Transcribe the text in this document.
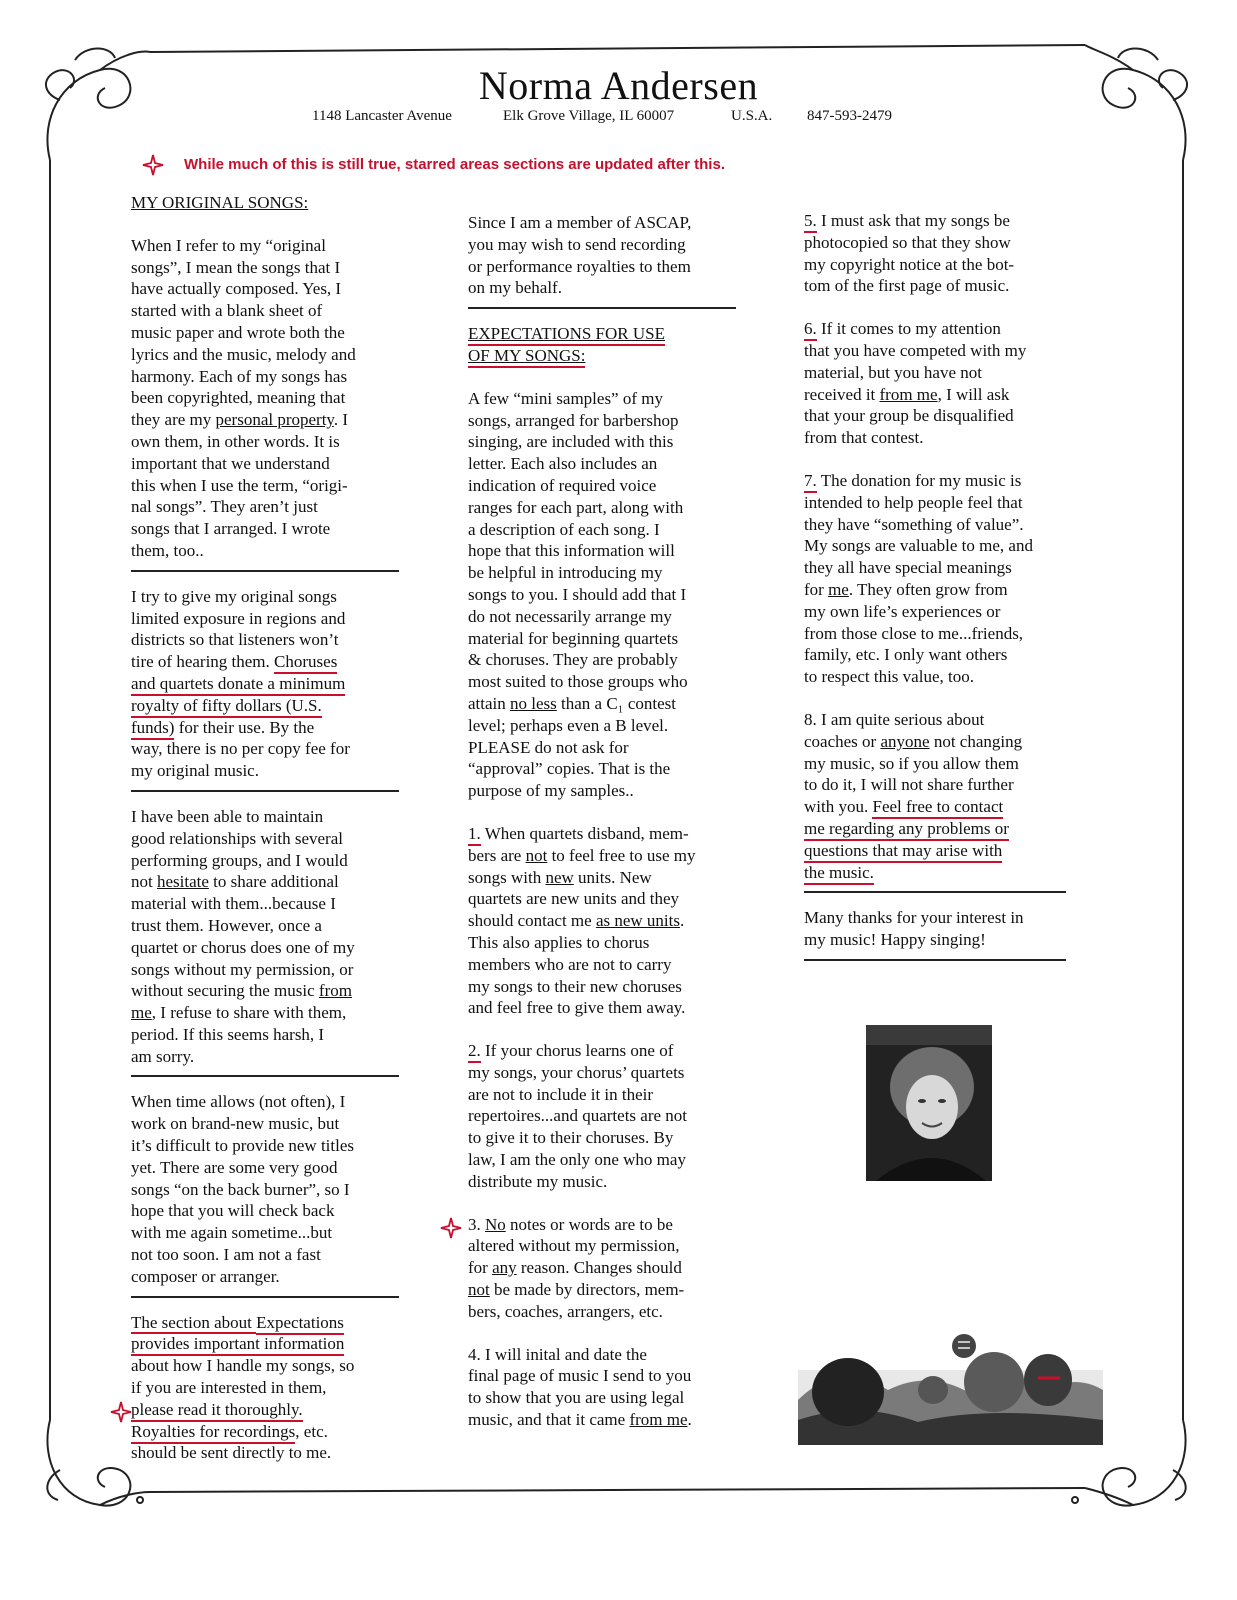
Norma Andersen
1148 Lancaster Avenue	Elk Grove Village, IL 60007	U.S.A. 847-593-2479
While much of this is still true, starred areas sections are updated after this.

MY ORIGINAL SONGS:

When I refer to my “original

songs”, I mean the songs that I

have actually composed. Yes, I

started with a blank sheet of

music paper and wrote both the

lyrics and the music, melody and

harmony. Each of my songs has

been copyrighted, meaning that

they are my personal property. I

own them, in other words. It is

important that we understand

this when I use the term, “origi-

nal songs”. They aren’t just

songs that I arranged. I wrote

them, too..

I try to give my original songs

limited exposure in regions and

districts so that listeners won’t

tire of hearing them. Choruses

and quartets donate a minimum

royalty of fifty dollars (U.S.

funds) for their use. By the

way, there is no per copy fee for

my original music.

I have been able to maintain

good relationships with several

performing groups, and I would

not hesitate to share additional

material with them...because I

trust them. However, once a

quartet or chorus does one of my

songs without my permission, or

without securing the music from

me, I refuse to share with them,

period. If this seems harsh, I

am sorry.

When time allows (not often), I

work on brand-new music, but

it’s difficult to provide new titles

yet. There are some very good

songs “on the back burner”, so I

hope that you will check back

with me again sometime...but

not too soon. I am not a fast

composer or arranger.

The section about Expectations

provides important information

about how I handle my songs, so

if you are interested in them,

please read it thoroughly.

Royalties for recordings, etc.

should be sent directly to me.

Since I am a member of ASCAP,

you may wish to send recording

or performance royalties to them

on my behalf.

EXPECTATIONS FOR USE

OF MY SONGS:

A few “mini samples” of my

songs, arranged for barbershop

singing, are included with this

letter. Each also includes an

indication of required voice

ranges for each part, along with

a description of each song. I

hope that this information will

be helpful in introducing my

songs to you. I should add that I

do not necessarily arrange my

material for beginning quartets

& choruses. They are probably

most suited to those groups who

attain no less than a C₁ contest

level; perhaps even a B level.

PLEASE do not ask for

“approval” copies. That is the

purpose of my samples..

1. When quartets disband, mem-

bers are not to feel free to use my

songs with new units. New

quartets are new units and they

should contact me as new units.

This also applies to chorus

members who are not to carry

my songs to their new choruses

and feel free to give them away.

2. If your chorus learns one of

my songs, your chorus’ quartets

are not to include it in their

repertoires...and quartets are not

to give it to their choruses. By

law, I am the only one who may

distribute my music.

3. No notes or words are to be

altered without my permission,

for any reason. Changes should

not be made by directors, mem-

bers, coaches, arrangers, etc.

4. I will inital and date the

final page of music I send to you

to show that you are using legal

music, and that it came from me.

5. I must ask that my songs be

photocopied so that they show

my copyright notice at the bot-

tom of the first page of music.

6. If it comes to my attention

that you have competed with my

material, but you have not

received it from me, I will ask

that your group be disqualified

from that contest.

7. The donation for my music is

intended to help people feel that

they have “something of value”.

My songs are valuable to me, and

they all have special meanings

for me. They often grow from

my own life’s experiences or

from those close to me...friends,

family, etc. I only want others

to respect this value, too.

8. I am quite serious about

coaches or anyone not changing

my music, so if you allow them

to do it, I will not share further

with you. Feel free to contact

me regarding any problems or

questions that may arise with

the music.

Many thanks for your interest in

my music! Happy singing!
